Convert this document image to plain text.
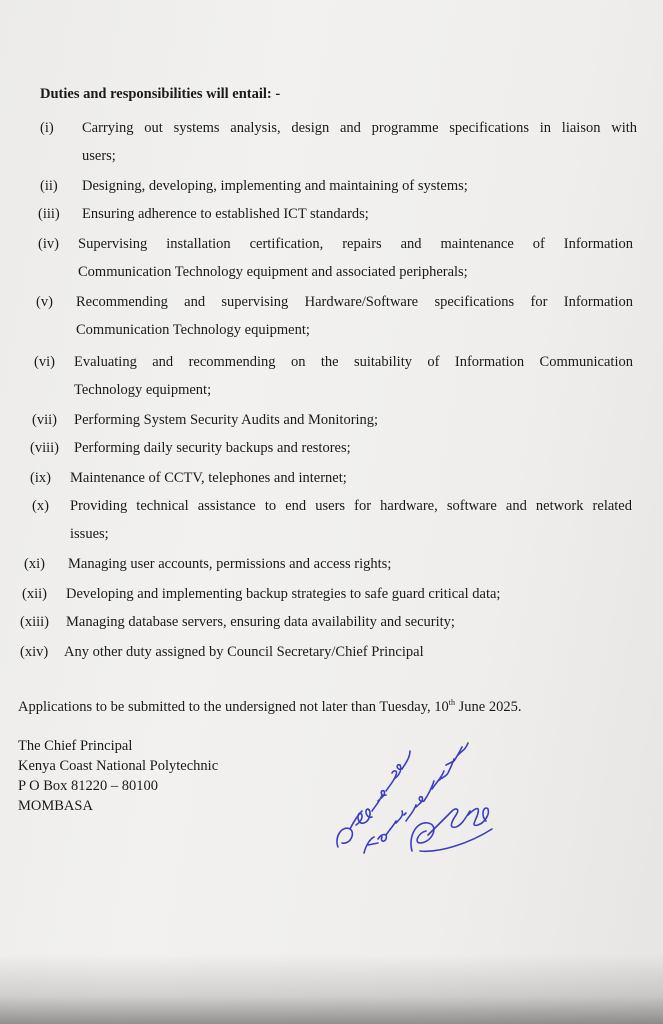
Duties and responsibilities will entail: -
(i) Carrying out systems analysis, design and programme specifications in liaison with
users;
(ii) Designing, developing, implementing and maintaining of systems;
(iii) Ensuring adherence to established ICT standards;
(iv) Supervising installation certification, repairs and maintenance of Information
Communication Technology equipment and associated peripherals;
(v) Recommending and supervising Hardware/Software specifications for Information
Communication Technology equipment;
(vi) Evaluating and recommending on the suitability of Information Communication
Technology equipment;
(vii) Performing System Security Audits and Monitoring;
(viii) Performing daily security backups and restores;
(ix) Maintenance of CCTV, telephones and internet;
(x) Providing technical assistance to end users for hardware, software and network related
issues;
(xi) Managing user accounts, permissions and access rights;
(xii) Developing and implementing backup strategies to safe guard critical data;
(xiii) Managing database servers, ensuring data availability and security;
(xiv) Any other duty assigned by Council Secretary/Chief Principal
Applications to be submitted to the undersigned not later than Tuesday, 10th June 2025.
The Chief Principal
Kenya Coast National Polytechnic
P O Box 81220 – 80100
MOMBASA
